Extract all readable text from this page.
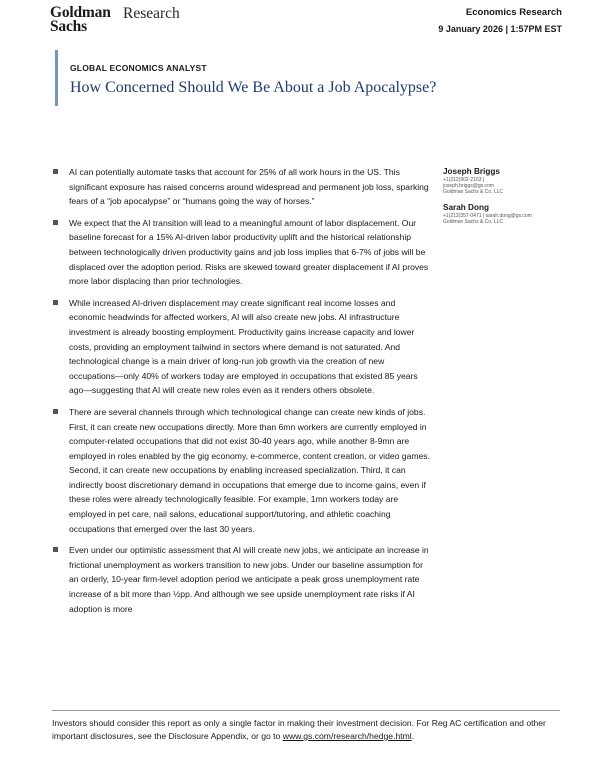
Goldman
Sachs
Research	Economics Research
9 January 2026 | 1:57PM EST
GLOBAL ECONOMICS ANALYST
How Concerned Should We Be About a Job Apocalypse?
AI can potentially automate tasks that account for 25% of all work hours in the US. This significant exposure has raised concerns around widespread and permanent job loss, sparking fears of a “job apocalypse” or “humans going the way of horses.”
We expect that the AI transition will lead to a meaningful amount of labor displacement. Our baseline forecast for a 15% AI-driven labor productivity uplift and the historical relationship between technologically driven productivity gains and job loss implies that 6-7% of jobs will be displaced over the adoption period. Risks are skewed toward greater displacement if AI proves more labor displacing than prior technologies.
While increased AI-driven displacement may create significant real income losses and economic headwinds for affected workers, AI will also create new jobs. AI infrastructure investment is already boosting employment. Productivity gains increase capacity and lower costs, providing an employment tailwind in sectors where demand is not saturated. And technological change is a main driver of long-run job growth via the creation of new occupations—only 40% of workers today are employed in occupations that existed 85 years ago—suggesting that AI will create new roles even as it renders others obsolete.
There are several channels through which technological change can create new kinds of jobs. First, it can create new occupations directly. More than 6mn workers are currently employed in computer-related occupations that did not exist 30-40 years ago, while another 8-9mn are employed in roles enabled by the gig economy, e-commerce, content creation, or video games. Second, it can create new occupations by enabling increased specialization. Third, it can indirectly boost discretionary demand in occupations that emerge due to income gains, even if these roles were already technologically feasible. For example, 1mn workers today are employed in pet care, nail salons, educational support/tutoring, and athletic coaching occupations that emerged over the last 30 years.
Even under our optimistic assessment that AI will create new jobs, we anticipate an increase in frictional unemployment as workers transition to new jobs. Under our baseline assumption for an orderly, 10-year firm-level adoption period we anticipate a peak gross unemployment rate increase of a bit more than ½pp. And although we see upside unemployment rate risks if AI adoption is more
Joseph Briggs
+1(212)902-2163 |
joseph.briggs@gs.com
Goldman Sachs & Co. LLC
Sarah Dong
+1(212)357-0471 | sarah.dong@gs.com
Goldman Sachs & Co. LLC
Investors should consider this report as only a single factor in making their investment decision. For Reg AC certification and other important disclosures, see the Disclosure Appendix, or go to www.gs.com/research/hedge.html.
